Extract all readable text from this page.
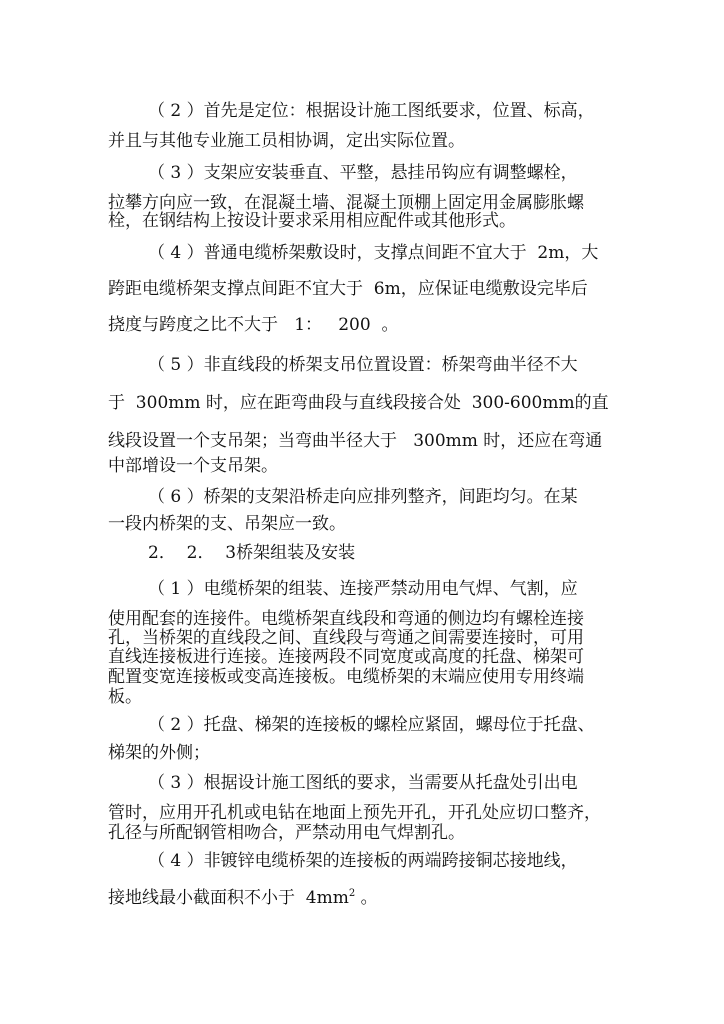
（ 2 ）首先是定位：根据设计施工图纸要求，位置、标高，

并且与其他专业施工员相协调，定出实际位置。

（ 3 ）支架应安装垂直、平整，悬挂吊钩应有调整螺栓，

拉攀方向应一致，在混凝土墙、混凝土顶棚上固定用金属膨胀螺

栓，在钢结构上按设计要求采用相应配件或其他形式。

（ 4 ）普通电缆桥架敷设时，支撑点间距不宜大于  2m，大

跨距电缆桥架支撑点间距不宜大于  6m，应保证电缆敷设完毕后

挠度与跨度之比不大于   1：   200  。

（ 5 ）非直线段的桥架支吊位置设置：桥架弯曲半径不大

于  300mm 时，应在距弯曲段与直线段接合处  300-600mm的直

线段设置一个支吊架；当弯曲半径大于   300mm 时，还应在弯通

中部增设一个支吊架。

（ 6 ）桥架的支架沿桥走向应排列整齐，间距均匀。在某

一段内桥架的支、吊架应一致。

2．  2．  3桥架组装及安装

（ 1 ）电缆桥架的组装、连接严禁动用电气焊、气割，应

使用配套的连接件。电缆桥架直线段和弯通的侧边均有螺栓连接

孔，当桥架的直线段之间、直线段与弯通之间需要连接时，可用

直线连接板进行连接。连接两段不同宽度或高度的托盘、梯架可

配置变宽连接板或变高连接板。电缆桥架的末端应使用专用终端

板。

（ 2 ）托盘、梯架的连接板的螺栓应紧固，螺母位于托盘、

梯架的外侧；

（ 3 ）根据设计施工图纸的要求，当需要从托盘处引出电

管时，应用开孔机或电钻在地面上预先开孔，开孔处应切口整齐，

孔径与所配钢管相吻合，严禁动用电气焊割孔。

（ 4 ）非镀锌电缆桥架的连接板的两端跨接铜芯接地线，

接地线最小截面积不小于  $4mm^2$ 。
